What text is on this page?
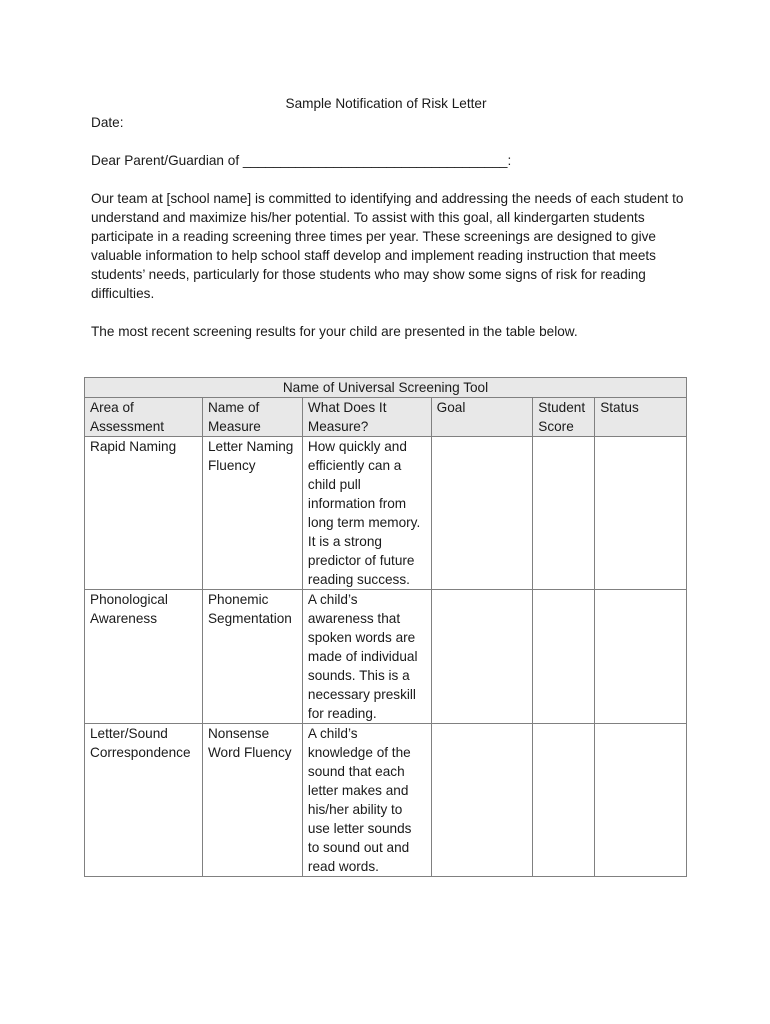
Sample Notification of Risk Letter

Date:

Dear Parent/Guardian of ___________________________________:

Our team at [school name] is committed to identifying and addressing the needs of each student to understand and maximize his/her potential. To assist with this goal, all kindergarten students participate in a reading screening three times per year. These screenings are designed to give valuable information to help school staff develop and implement reading instruction that meets students’ needs, particularly for those students who may show some signs of risk for reading difficulties.

The most recent screening results for your child are presented in the table below.

Name of Universal Screening Tool					
Area of Assessment	Name of Measure	What Does It Measure?	Goal	Student Score	Status
Rapid Naming	Letter Naming Fluency	How quickly and efficiently can a child pull information from long term memory. It is a strong predictor of future reading success.			
Phonological Awareness	Phonemic Segmentation	A child’s awareness that spoken words are made of individual sounds. This is a necessary preskill for reading.			
Letter/Sound Correspondence	Nonsense Word Fluency	A child’s knowledge of the sound that each letter makes and his/her ability to use letter sounds to sound out and read words.			
